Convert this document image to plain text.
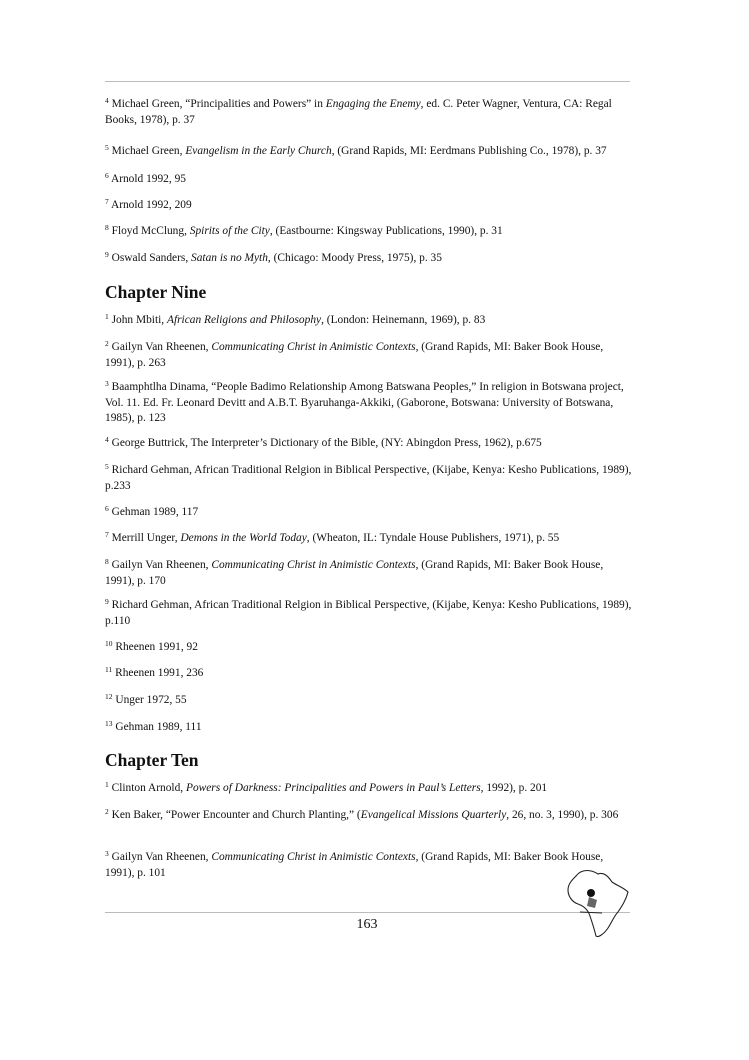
$^4$ Michael Green, “Principalities and Powers” in Engaging the Enemy, ed. C. Peter Wagner, Ventura, CA: Regal Books, 1978), p. 37
$^5$ Michael Green, Evangelism in the Early Church, (Grand Rapids, MI: Eerdmans Publishing Co., 1978), p. 37
$^6$ Arnold 1992, 95
$^7$ Arnold 1992, 209
$^8$ Floyd McClung, Spirits of the City, (Eastbourne: Kingsway Publications, 1990), p. 31
$^9$ Oswald Sanders, Satan is no Myth, (Chicago: Moody Press, 1975), p. 35
Chapter Nine
$^1$ John Mbiti, African Religions and Philosophy, (London: Heinemann, 1969), p. 83
$^2$ Gailyn Van Rheenen, Communicating Christ in Animistic Contexts, (Grand Rapids, MI: Baker Book House, 1991), p. 263
$^3$ Baamphtlha Dinama, “People Badimo Relationship Among Batswana Peoples,” In religion in Botswana project, Vol. 11. Ed. Fr. Leonard Devitt and A.B.T. Byaruhanga-Akkiki, (Gaborone, Botswana: University of Botswana, 1985), p. 123
$^4$ George Buttrick, The Interpreter’s Dictionary of the Bible, (NY: Abingdon Press, 1962), p.675
$^5$ Richard Gehman, African Traditional Relgion in Biblical Perspective, (Kijabe, Kenya: Kesho Publications, 1989), p.233
$^6$ Gehman 1989, 117
$^7$ Merrill Unger, Demons in the World Today, (Wheaton, IL: Tyndale House Publishers, 1971), p. 55
$^8$ Gailyn Van Rheenen, Communicating Christ in Animistic Contexts, (Grand Rapids, MI: Baker Book House, 1991), p. 170
$^9$ Richard Gehman, African Traditional Relgion in Biblical Perspective, (Kijabe, Kenya: Kesho Publications, 1989), p.110
$^{10}$ Rheenen 1991, 92
$^{11}$ Rheenen 1991, 236
$^{12}$ Unger 1972, 55
$^{13}$ Gehman 1989, 111
Chapter Ten
$^1$ Clinton Arnold, Powers of Darkness: Principalities and Powers in Paul’s Letters, 1992), p. 201
$^2$ Ken Baker, “Power Encounter and Church Planting,” (Evangelical Missions Quarterly, 26, no. 3, 1990), p. 306
$^3$ Gailyn Van Rheenen, Communicating Christ in Animistic Contexts, (Grand Rapids, MI: Baker Book House, 1991), p. 101
163
